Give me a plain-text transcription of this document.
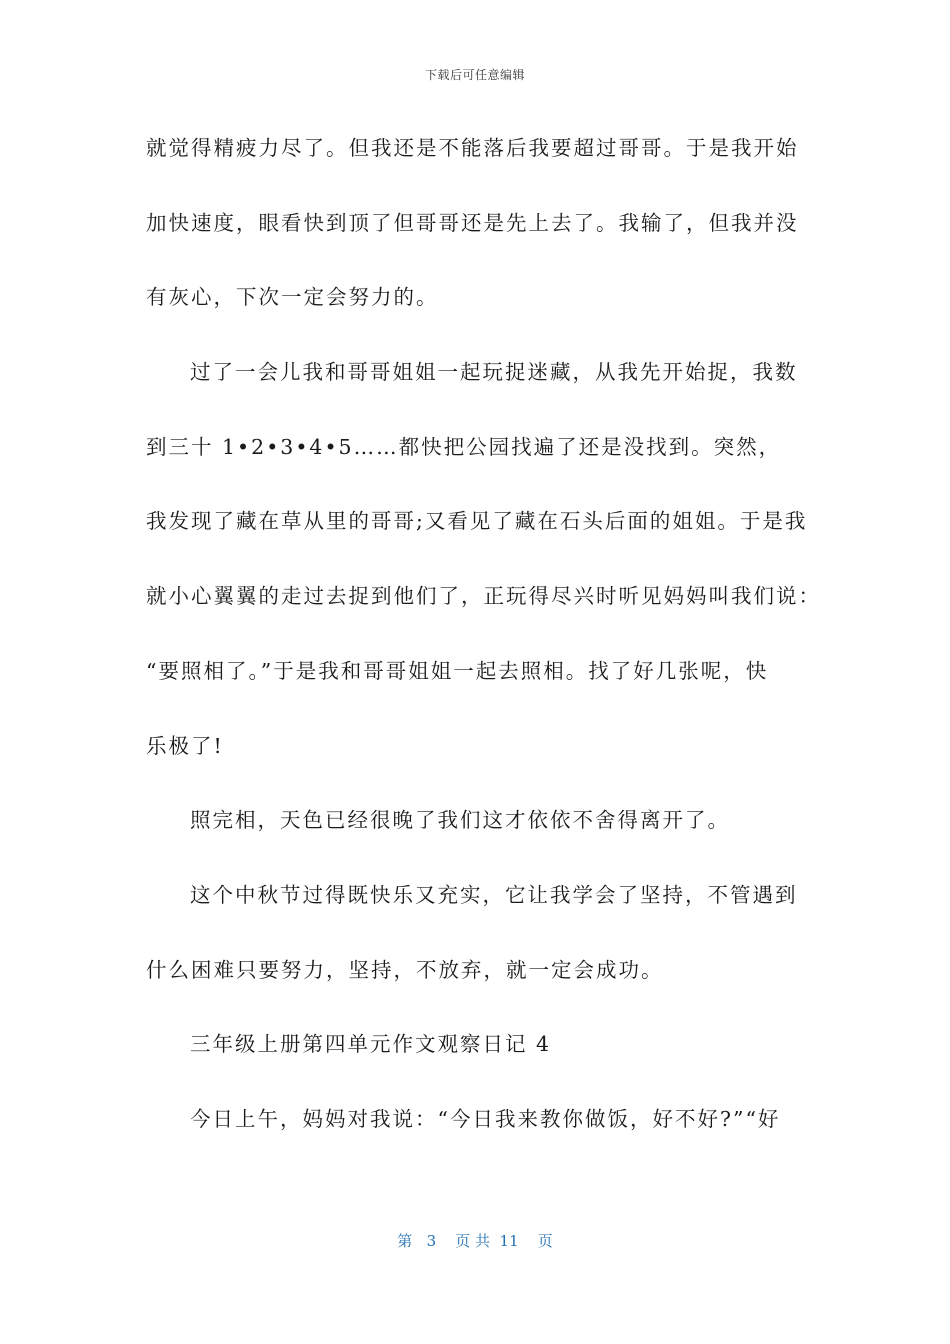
下载后可任意编辑
就觉得精疲力尽了。但我还是不能落后我要超过哥哥。于是我开始
加快速度，眼看快到顶了但哥哥还是先上去了。我输了，但我并没
有灰心，下次一定会努力的。
过了一会儿我和哥哥姐姐一起玩捉迷藏，从我先开始捉，我数
到三十 1•2•3•4•5……都快把公园找遍了还是没找到。突然，
我发现了藏在草从里的哥哥;又看见了藏在石头后面的姐姐。于是我
就小心翼翼的走过去捉到他们了，正玩得尽兴时听见妈妈叫我们说：
“要照相了。”于是我和哥哥姐姐一起去照相。找了好几张呢，快
乐极了!
照完相，天色已经很晚了我们这才依依不舍得离开了。
这个中秋节过得既快乐又充实，它让我学会了坚持，不管遇到
什么困难只要努力，坚持，不放弃，就一定会成功。
三年级上册第四单元作文观察日记 4
今日上午，妈妈对我说：“今日我来教你做饭，好不好?”“好
第 3 页 共 11 页
